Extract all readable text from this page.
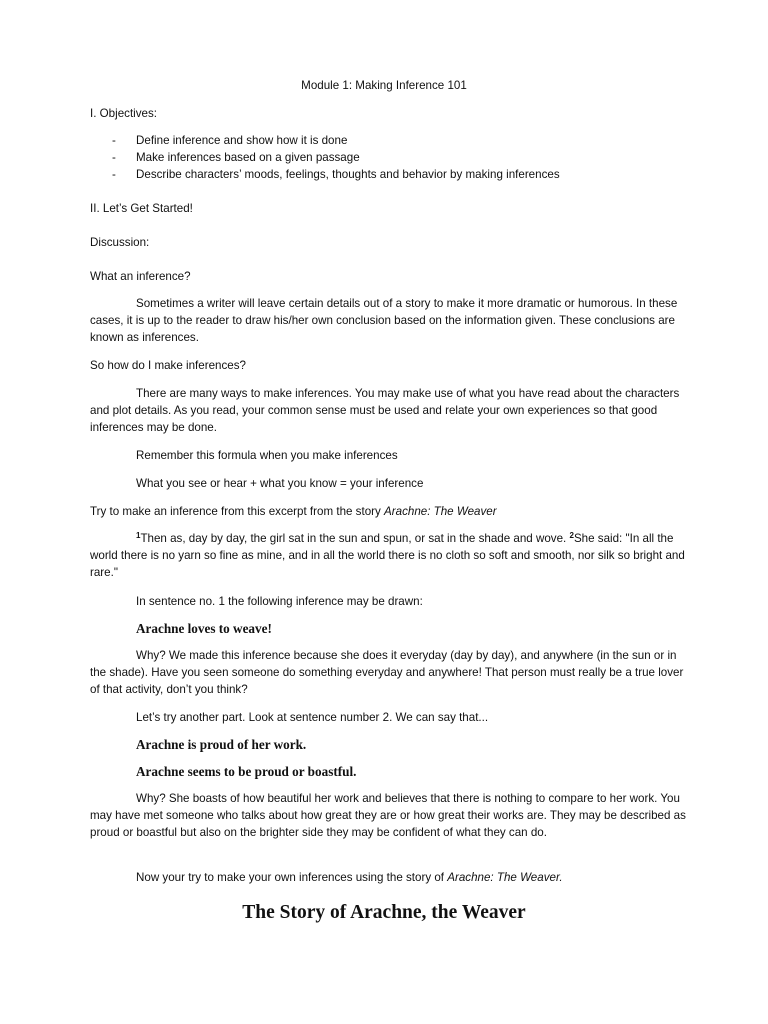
Module 1: Making Inference 101

I. Objectives:

- Define inference and show how it is done
- Make inferences based on a given passage
- Describe characters’ moods, feelings, thoughts and behavior by making inferences

II. Let’s Get Started!

Discussion:

What an inference?

Sometimes a writer will leave certain details out of a story to make it more dramatic or humorous. In these cases, it is up to the reader to draw his/her own conclusion based on the information given. These conclusions are known as inferences.

So how do I make inferences?

There are many ways to make inferences. You may make use of what you have read about the characters and plot details. As you read, your common sense must be used and relate your own experiences so that good inferences may be done.

Remember this formula when you make inferences

What you see or hear + what you know = your inference

Try to make an inference from this excerpt from the story Arachne: The Weaver

$^1$Then as, day by day, the girl sat in the sun and spun, or sat in the shade and wove. $^2$She said: "In all the world there is no yarn so fine as mine, and in all the world there is no cloth so soft and smooth, nor silk so bright and rare."

In sentence no. 1 the following inference may be drawn:

Arachne loves to weave!

Why? We made this inference because she does it everyday (day by day), and anywhere (in the sun or in the shade). Have you seen someone do something everyday and anywhere! That person must really be a true lover of that activity, don’t you think?

Let’s try another part. Look at sentence number 2. We can say that...

Arachne is proud of her work.

Arachne seems to be proud or boastful.

Why? She boasts of how beautiful her work and believes that there is nothing to compare to her work. You may have met someone who talks about how great they are or how great their works are. They may be described as proud or boastful but also on the brighter side they may be confident of what they can do.

Now your try to make your own inferences using the story of Arachne: The Weaver.

The Story of Arachne, the Weaver
